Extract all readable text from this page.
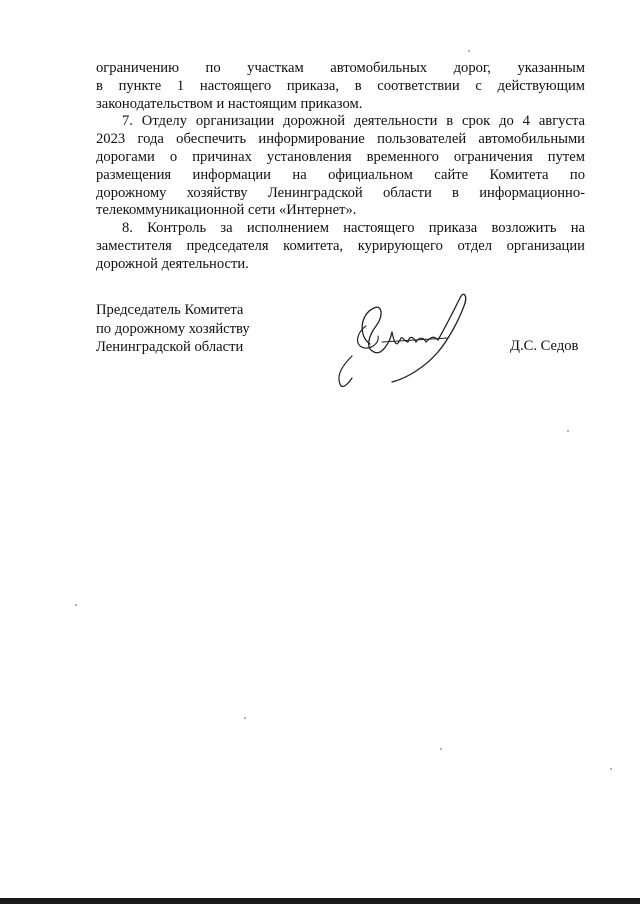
ограничению по участкам автомобильных дорог, указанным
в пункте 1 настоящего приказа, в соответствии с действующим
законодательством и настоящим приказом.

7. Отделу организации дорожной деятельности в срок до 4 августа
2023 года обеспечить информирование пользователей автомобильными
дорогами о причинах установления временного ограничения путем
размещения информации на официальном сайте Комитета по
дорожному хозяйству Ленинградской области в информационно-
телекоммуникационной сети «Интернет».

8. Контроль за исполнением настоящего приказа возложить на
заместителя председателя комитета, курирующего отдел организации
дорожной деятельности.

Председатель Комитета
по дорожному хозяйству
Ленинградской области	Д.С. Седов
